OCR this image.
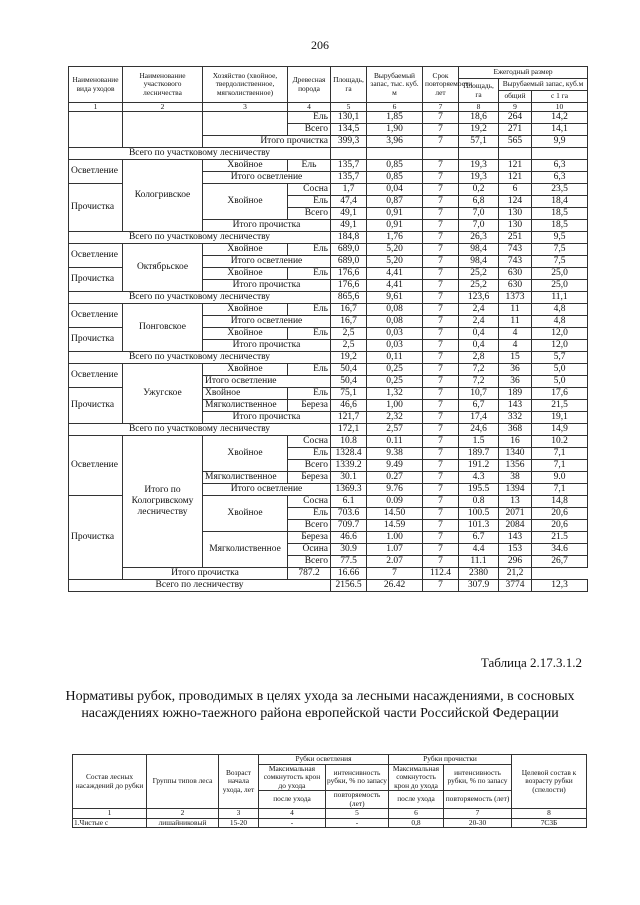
206
Наименование вида уходов	Наименование участкового лесничества	Хозяйство (хвойное, твердолиственное, мягколиственное)	Древесная порода	Площадь, га	Вырубаемый запас, тыс. куб. м	Срок повторяемости лет	Ежегодный размер		
							Площадь, га	Вырубаемый запас, куб.м	
								общий	с 1 га
1	2	3	4	5	6	7	8	9	10
			Ель	130,1	1,85	7	18,6	264	14,2
			Всего	134,5	1,90	7	19,2	271	14,1
		Итого прочистка		399,3	3,96	7	57,1	565	9,9
Всего по участковому лесничеству									
Осветление	Кологривское	Хвойное	Ель	135,7	0,85	7	19,3	121	6,3
		Итого осветление		135,7	0,85	7	19,3	121	6,3
Прочистка		Хвойное	Сосна	1,7	0,04	7	0,2	6	23,5
			Ель	47,4	0,87	7	6,8	124	18,4
			Всего	49,1	0,91	7	7,0	130	18,5
		Итого прочистка		49,1	0,91	7	7,0	130	18,5
Всего по участковому лесничеству				184,8	1,76	7	26,3	251	9,5
Осветление	Октябрьское	Хвойное	Ель	689,0	5,20	7	98,4	743	7,5
		Итого осветление		689,0	5,20	7	98,4	743	7,5
Прочистка		Хвойное	Ель	176,6	4,41	7	25,2	630	25,0
		Итого прочистка		176,6	4,41	7	25,2	630	25,0
Всего по участковому лесничеству				865,6	9,61	7	123,6	1373	11,1
Осветление	Понговское	Хвойное	Ель	16,7	0,08	7	2,4	11	4,8
		Итого осветление		16,7	0,08	7	2,4	11	4,8
Прочистка		Хвойное	Ель	2,5	0,03	7	0,4	4	12,0
		Итого прочистка		2,5	0,03	7	0,4	4	12,0
Всего по участковому лесничеству				19,2	0,11	7	2,8	15	5,7
Осветление	Ужугское	Хвойное	Ель	50,4	0,25	7	7,2	36	5,0
		Итого осветление		50,4	0,25	7	7,2	36	5,0
Прочистка		Хвойное	Ель	75,1	1,32	7	10,7	189	17,6
		Мягколиственное	Береза	46,6	1,00	7	6,7	143	21,5
		Итого прочистка		121,7	2,32	7	17,4	332	19,1
Всего по участковому лесничеству				172,1	2,57	7	24,6	368	14,9
Осветление	Итого по Кологривскому лесничеству	Хвойное	Сосна	10.8	0.11	7	1.5	16	10.2
			Ель	1328.4	9.38	7	189.7	1340	7,1
			Всего	1339.2	9.49	7	191.2	1356	7,1
		Мягколиственное	Береза	30.1	0.27	7	4.3	38	9.0
		Итого осветление		1369.3	9.76	7	195.5	1394	7,1
Прочистка		Хвойное	Сосна	6.1	0.09	7	0.8	13	14,8
			Ель	703.6	14.50	7	100.5	2071	20,6
			Всего	709.7	14.59	7	101.3	2084	20,6
		Мягколиственное	Береза	46.6	1.00	7	6.7	143	21.5
			Осина	30.9	1.07	7	4.4	153	34.6
			Всего	77.5	2.07	7	11.1	296	26,7
	Итого прочистка		787.2	16.66	7	112.4	2380	21,2	
Всего по лесничеству				2156.5	26.42	7	307.9	3774	12,3
Таблица 2.17.3.1.2
Нормативы рубок, проводимых в целях ухода за лесными насаждениями, в сосновых насаждениях южно-таежного района европейской части Российской Федерации
Состав лесных насаждений до рубки	Группы типов леса	Возраст начала ухода, лет	Рубки осветления		Рубки прочистки		Целевой состав к возрасту рубки (спелости)
			Максимальная сомкнутость крон до ухода	интенсивность рубки, % по запасу	Максимальная сомкнутость крон до ухода	интенсивность рубки, % по запасу	
			после ухода	повторяемость (лет)	после ухода	повторяемость (лет)	
1	2	3	4	5	6	7	8
1.Чистые с	лишайниковый	15-20	-	-	0,8	20-30	7С3Б
